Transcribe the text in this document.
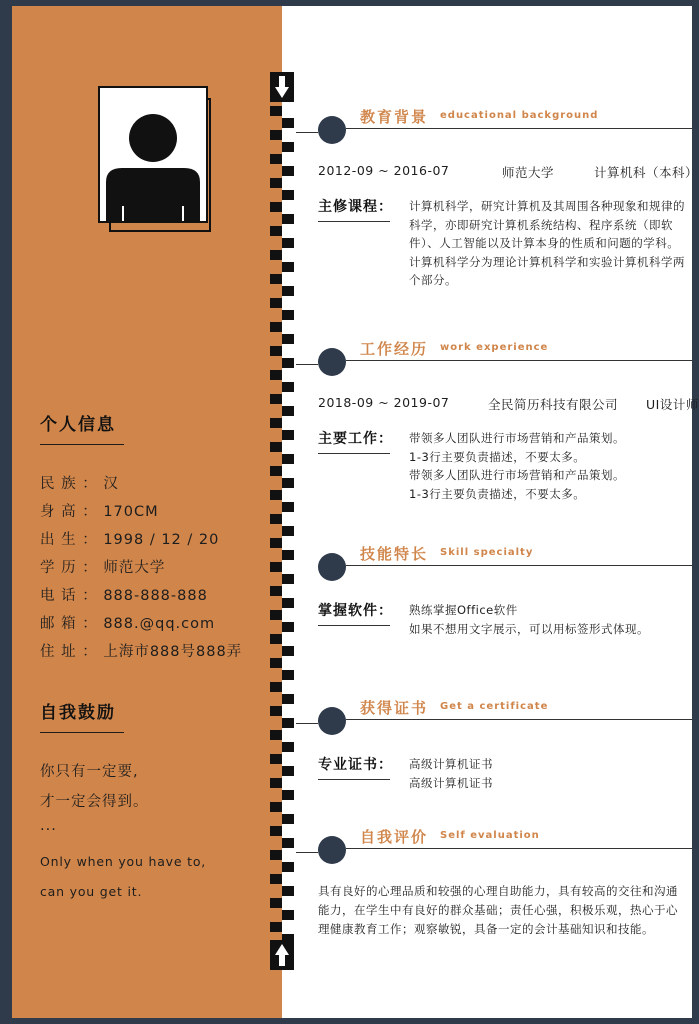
个人信息
民 族 ： 汉
身 高 ： 170CM
出 生 ： 1998 / 12 / 20
学 历 ： 师范大学
电 话 ： 888-888-888
邮 箱 ： 888.@qq.com
住 址 ： 上海市888号888弄
自我鼓励
你只有一定要,
才一定会得到。
...
Only when you have to,
can you get it.
教育背景 educational background
2012-09 ~ 2016-07	师范大学	计算机科（本科）
主修课程： 计算机科学，研究计算机及其周围各种现象和规律的科学，亦即研究计算机系统结构、程序系统（即软件）、人工智能以及计算本身的性质和问题的学科。

计算机科学分为理论计算机科学和实验计算机科学两个部分。

工作经历 work experience
2018-09 ~ 2019-07	全民简历科技有限公司 UI设计师
主要工作： 带领多人团队进行市场营销和产品策划。

1-3行主要负责描述，不要太多。

带领多人团队进行市场营销和产品策划。

1-3行主要负责描述，不要太多。

技能特长 Skill specialty
掌握软件： 熟练掌握Office软件

如果不想用文字展示，可以用标签形式体现。

获得证书 Get a certificate
专业证书： 高级计算机证书

高级计算机证书

自我评价 Self evaluation
具有良好的心理品质和较强的心理自助能力，具有较高的交往和沟通能力，在学生中有良好的群众基础；责任心强，积极乐观，热心于心理健康教育工作；观察敏锐，具备一定的会计基础知识和技能。
